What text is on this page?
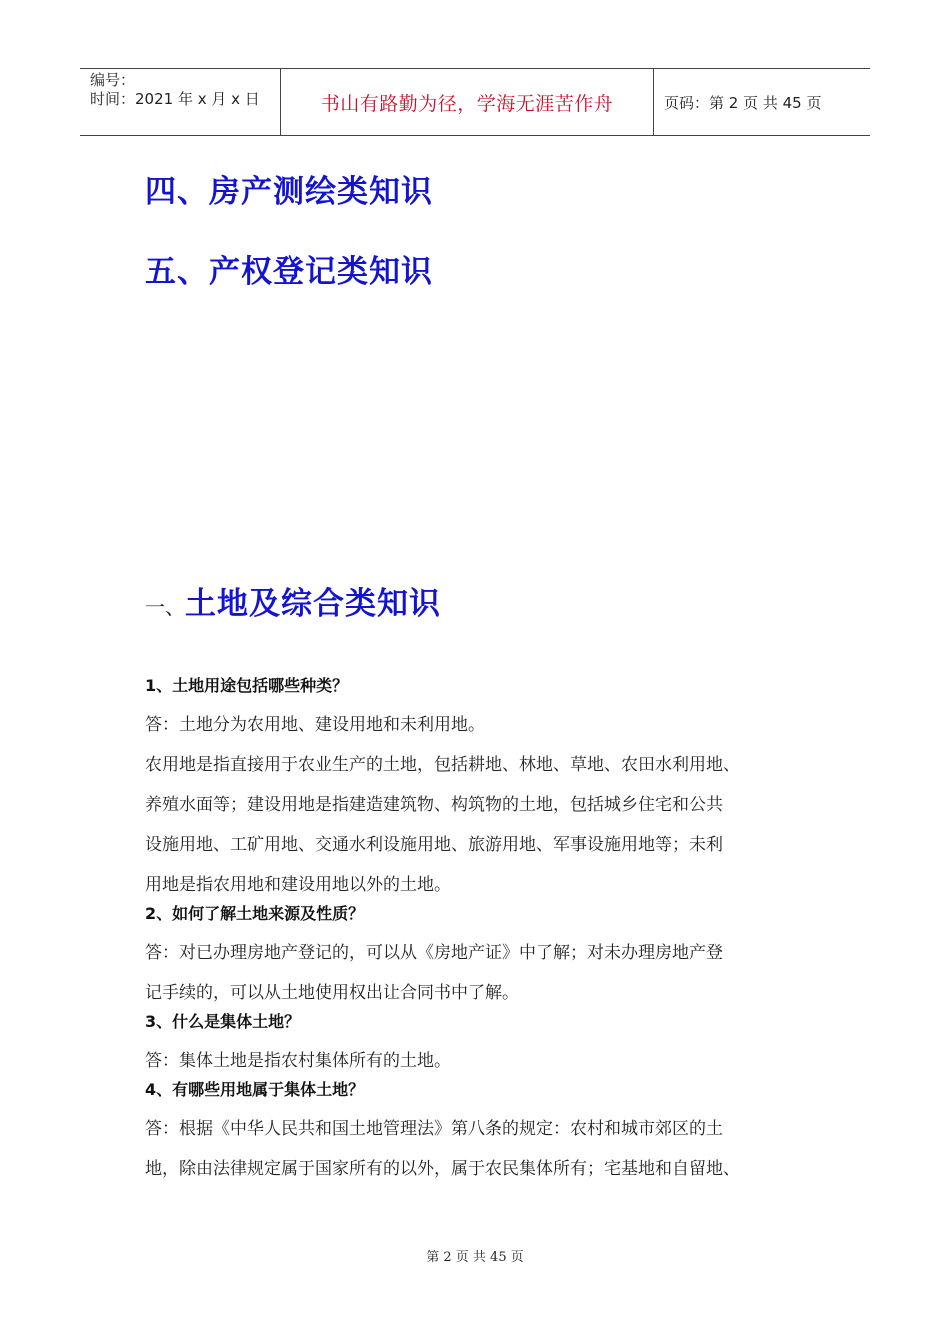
编号：
时间：2021 年 x 月 x 日	书山有路勤为径，学海无涯苦作舟	页码：第 2 页 共 45 页
四、房产测绘类知识
五、产权登记类知识
一、土地及综合类知识
1、土地用途包括哪些种类？
答：土地分为农用地、建设用地和未利用地。
农用地是指直接用于农业生产的土地，包括耕地、林地、草地、农田水利用地、
养殖水面等；建设用地是指建造建筑物、构筑物的土地，包括城乡住宅和公共
设施用地、工矿用地、交通水利设施用地、旅游用地、军事设施用地等；未利
用地是指农用地和建设用地以外的土地。
2、如何了解土地来源及性质？
答：对已办理房地产登记的，可以从《房地产证》中了解；对未办理房地产登
记手续的，可以从土地使用权出让合同书中了解。
3、什么是集体土地？
答：集体土地是指农村集体所有的土地。
4、有哪些用地属于集体土地？
答：根据《中华人民共和国土地管理法》第八条的规定：农村和城市郊区的土
地，除由法律规定属于国家所有的以外，属于农民集体所有；宅基地和自留地、
第 2 页 共 45 页
